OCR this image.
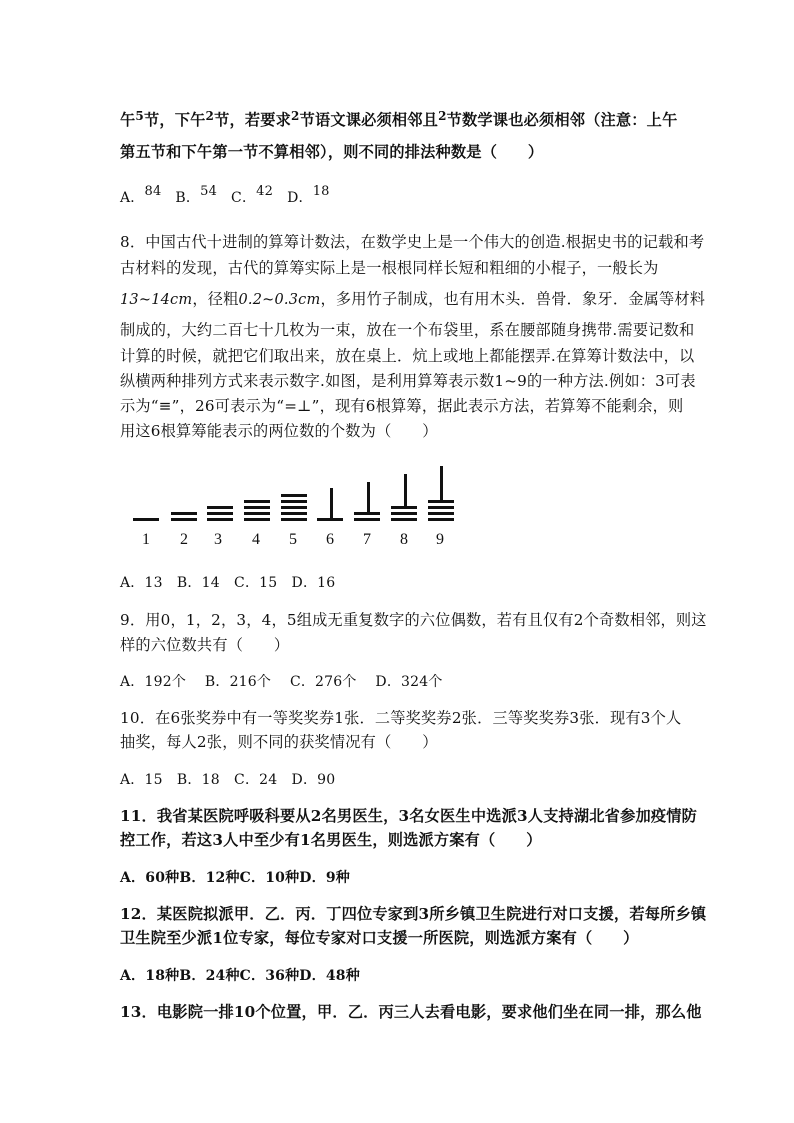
午$^5$节，下午$^2$节，若要求$^2$节语文课必须相邻且$^2$节数学课也必须相邻（注意：上午
第五节和下午第一节不算相邻），则不同的排法种数是（　　）
A．84 B．54 C．42 D．18
8．中国古代十进制的算筹计数法，在数学史上是一个伟大的创造.根据史书的记载和考
古材料的发现，古代的算筹实际上是一根根同样长短和粗细的小棍子，一般长为
13~14cm，径粗0.2~0.3cm，多用竹子制成，也有用木头．兽骨．象牙．金属等材料
制成的，大约二百七十几枚为一束，放在一个布袋里，系在腰部随身携带.需要记数和
计算的时候，就把它们取出来，放在桌上．炕上或地上都能摆弄.在算筹计数法中，以
纵横两种排列方式来表示数字.如图，是利用算筹表示数1~9的一种方法.例如：3可表
示为“≡”，26可表示为“=⊥”，现有6根算筹，据此表示方法，若算筹不能剩余，则
用这6根算筹能表示的两位数的个数为（　　）
1 2 3 4 5 6 7 8 9
A．13　B．14　C．15　D．16
9．用0，1，2，3，4，5组成无重复数字的六位偶数，若有且仅有2个奇数相邻，则这
样的六位数共有（　　）
A．192个　 B．216个　 C．276个　 D．324个
10．在6张奖券中有一等奖奖券1张．二等奖奖券2张．三等奖奖券3张．现有3个人
抽奖，每人2张，则不同的获奖情况有（　　）
A．15　B．18　C．24　D．90
11．我省某医院呼吸科要从2名男医生，3名女医生中选派3人支持湖北省参加疫情防
控工作，若这3人中至少有1名男医生，则选派方案有（　　）
A．60种B．12种C．10种D．9种
12．某医院拟派甲．乙．丙．丁四位专家到3所乡镇卫生院进行对口支援，若每所乡镇
卫生院至少派1位专家，每位专家对口支援一所医院，则选派方案有（　　）
A．18种B．24种C．36种D．48种
13．电影院一排10个位置，甲．乙．丙三人去看电影，要求他们坐在同一排，那么他
